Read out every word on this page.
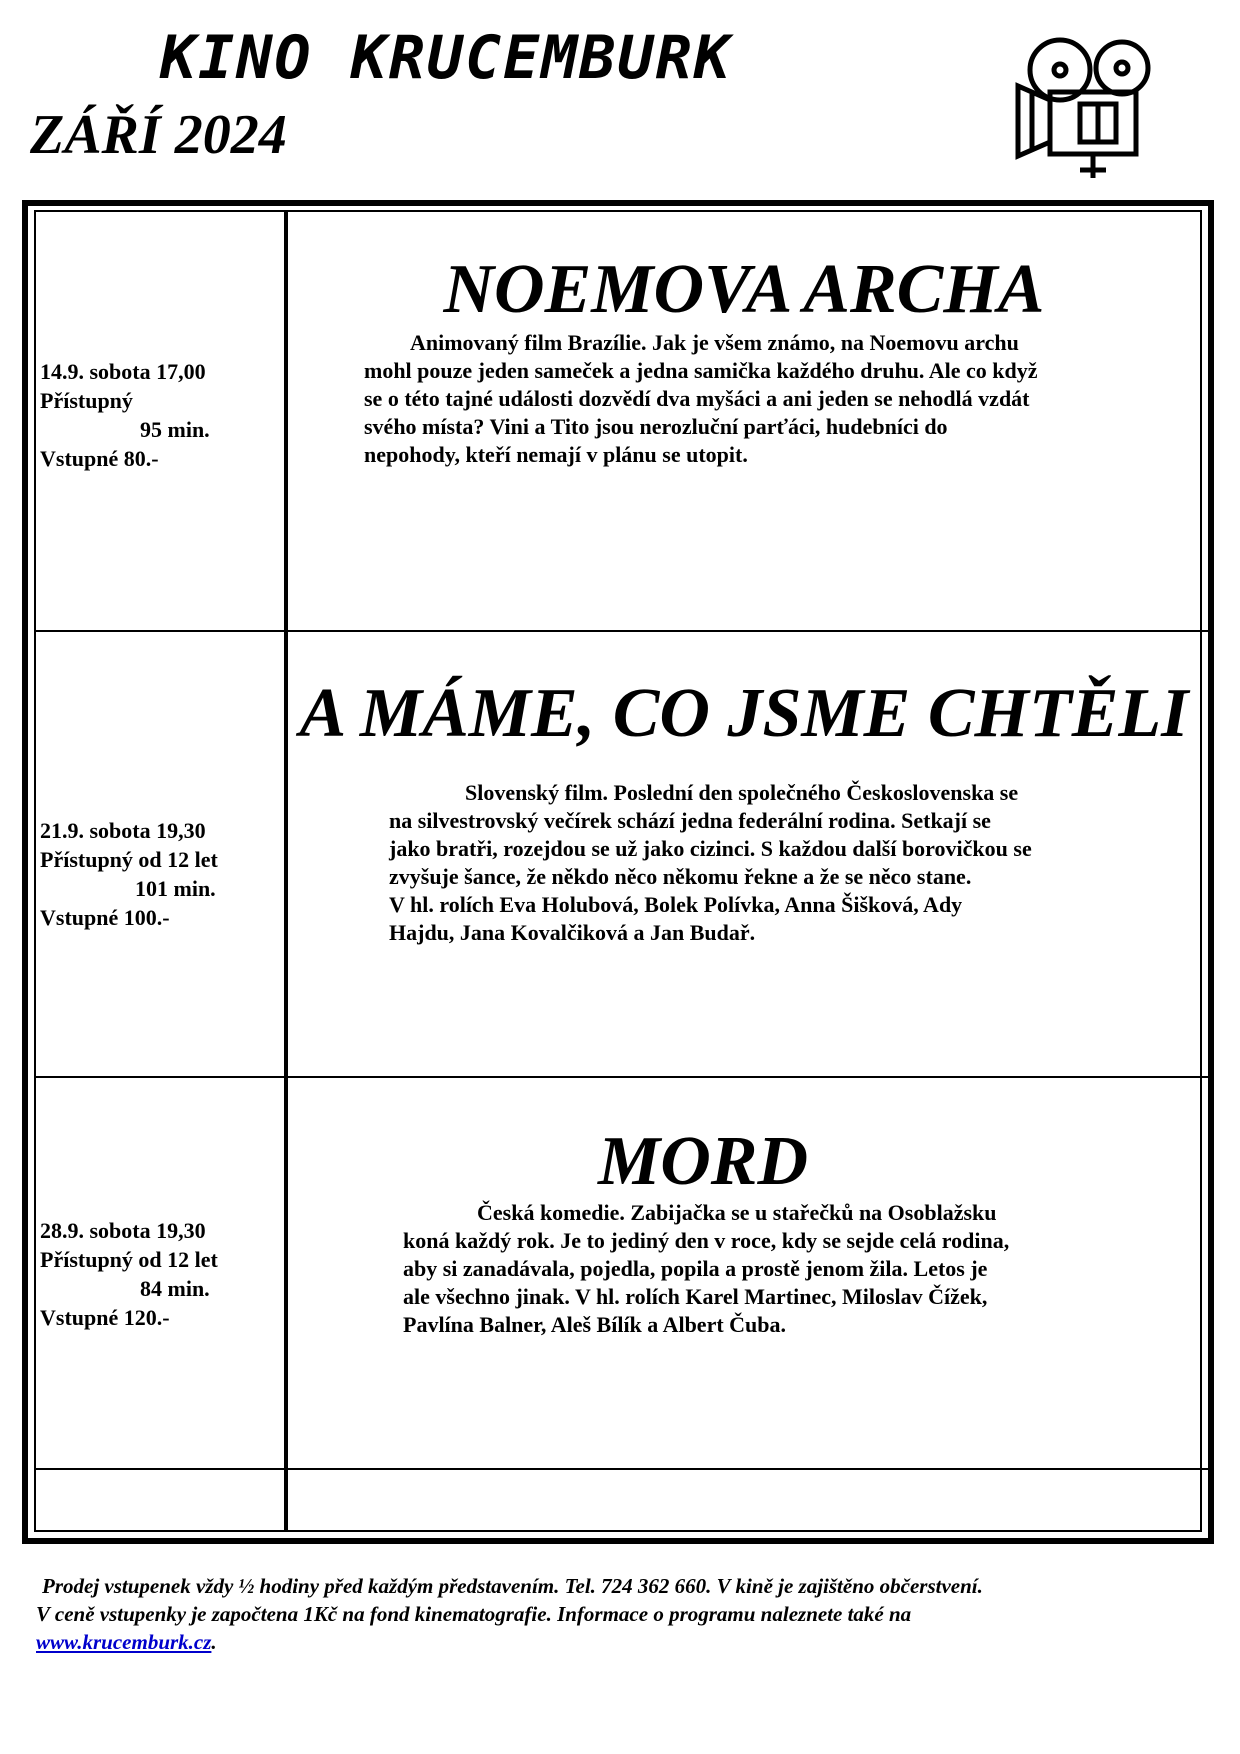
KINO KRUCEMBURK
ZÁŘÍ 2024
14.9. sobota 17,00
Přístupný
95 min.
Vstupné 80.-
NOEMOVA ARCHA
Animovaný film Brazílie. Jak je všem známo, na Noemovu archu
mohl pouze jeden sameček a jedna samička každého druhu. Ale co když
se o této tajné události dozvědí dva myšáci a ani jeden se nehodlá vzdát
svého místa? Vini a Tito jsou nerozluční parťáci, hudebníci do
nepohody, kteří nemají v plánu se utopit.
21.9. sobota 19,30
Přístupný od 12 let
101 min.
Vstupné 100.-
A MÁME, CO JSME CHTĚLI
Slovenský film. Poslední den společného Československa se
na silvestrovský večírek schází jedna federální rodina. Setkají se
jako bratři, rozejdou se už jako cizinci. S každou další borovičkou se
zvyšuje šance, že někdo něco někomu řekne a že se něco stane.
V hl. rolích Eva Holubová, Bolek Polívka, Anna Šišková, Ady
Hajdu, Jana Kovalčiková a Jan Budař.
28.9. sobota 19,30
Přístupný od 12 let
84 min.
Vstupné 120.-
MORD
Česká komedie. Zabijačka se u stařečků na Osoblažsku
koná každý rok. Je to jediný den v roce, kdy se sejde celá rodina,
aby si zanadávala, pojedla, popila a prostě jenom žila. Letos je
ale všechno jinak. V hl. rolích Karel Martinec, Miloslav Čížek,
Pavlína Balner, Aleš Bílík a Albert Čuba.
Prodej vstupenek vždy ½ hodiny před každým představením. Tel. 724 362 660. V kině je zajištěno občerstvení.
V ceně vstupenky je započtena 1Kč na fond kinematografie. Informace o programu naleznete také na
www.krucemburk.cz.
